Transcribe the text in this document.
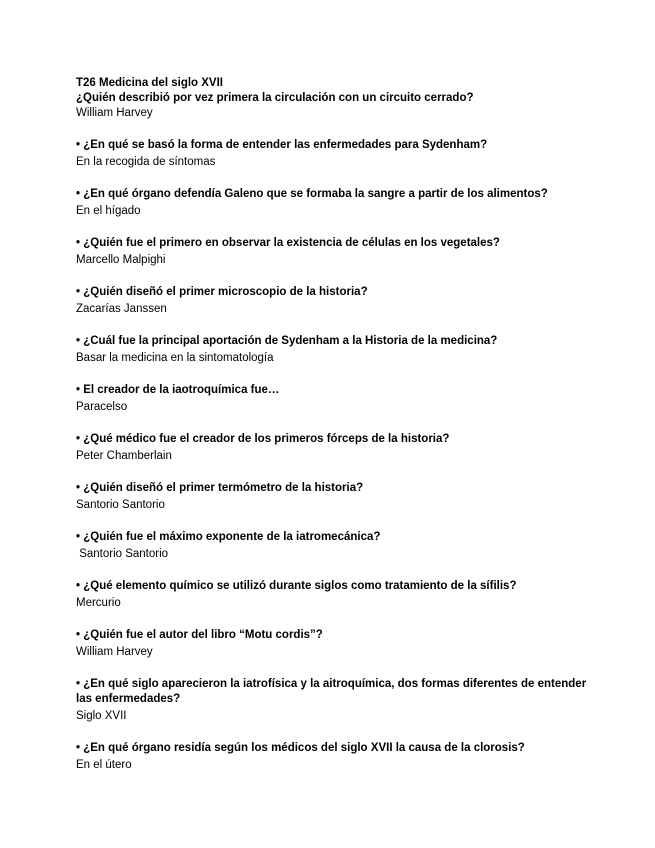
T26 Medicina del siglo XVII

¿Quién describió por vez primera la circulación con un circuito cerrado?

William Harvey

• ¿En qué se basó la forma de entender las enfermedades para Sydenham?

En la recogida de síntomas

• ¿En qué órgano defendía Galeno que se formaba la sangre a partir de los alimentos?

En el hígado

• ¿Quién fue el primero en observar la existencia de células en los vegetales?

Marcello Malpighi

• ¿Quién diseñó el primer microscopio de la historia?

Zacarías Janssen

• ¿Cuál fue la principal aportación de Sydenham a la Historia de la medicina?

Basar la medicina en la sintomatología

• El creador de la iaotroquímica fue…

Paracelso

• ¿Qué médico fue el creador de los primeros fórceps de la historia?

Peter Chamberlain

• ¿Quién diseñó el primer termómetro de la historia?

Santorio Santorio

• ¿Quién fue el máximo exponente de la iatromecánica?

Santorio Santorio

• ¿Qué elemento químico se utilizó durante siglos como tratamiento de la sífilis?

Mercurio

• ¿Quién fue el autor del libro “Motu cordis”?

William Harvey

• ¿En qué siglo aparecieron la iatrofísica y la aitroquímica, dos formas diferentes de entender las enfermedades?

Siglo XVII

• ¿En qué órgano residía según los médicos del siglo XVII la causa de la clorosis?

En el útero
